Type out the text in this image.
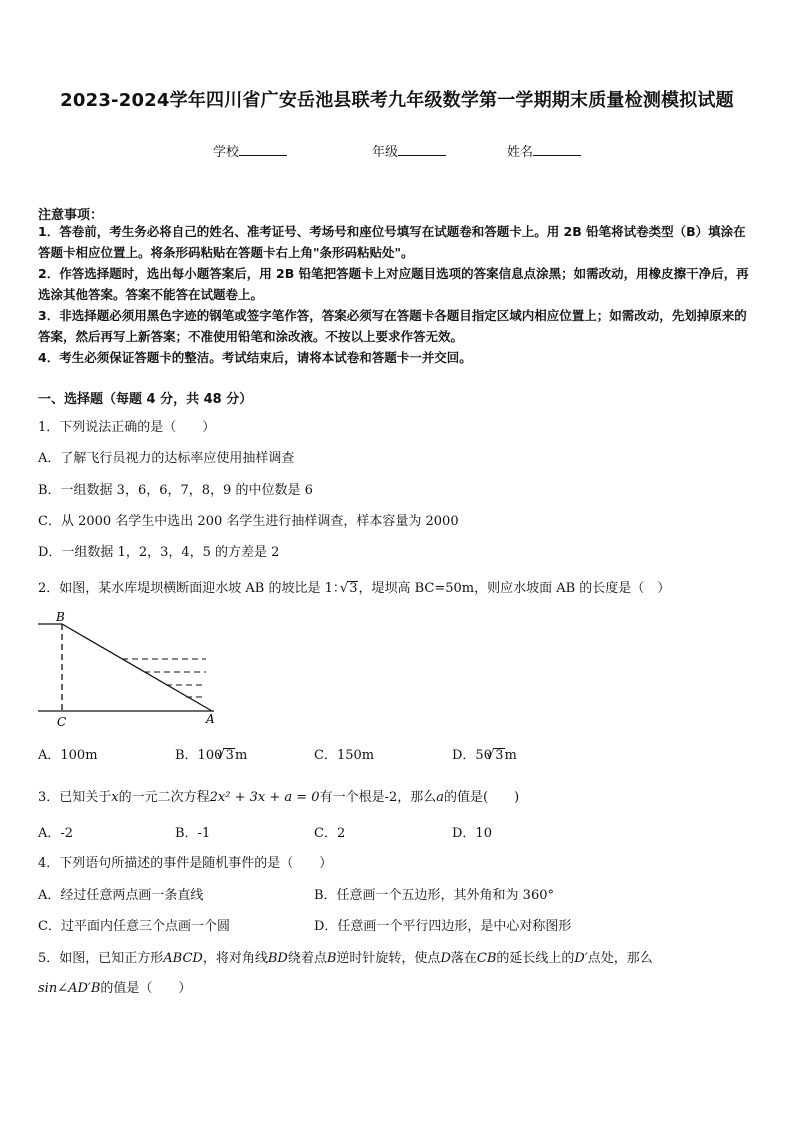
2023-2024学年四川省广安岳池县联考九年级数学第一学期期末质量检测模拟试题
学校	年级	姓名
注意事项：
1．答卷前，考生务必将自己的姓名、准考证号、考场号和座位号填写在试题卷和答题卡上。用 2B 铅笔将试卷类型（B）填涂在答题卡相应位置上。将条形码粘贴在答题卡右上角"条形码粘贴处"。
2．作答选择题时，选出每小题答案后，用 2B 铅笔把答题卡上对应题目选项的答案信息点涂黑；如需改动，用橡皮擦干净后，再选涂其他答案。答案不能答在试题卷上。
3．非选择题必须用黑色字迹的钢笔或签字笔作答，答案必须写在答题卡各题目指定区域内相应位置上；如需改动，先划掉原来的答案，然后再写上新答案；不准使用铅笔和涂改液。不按以上要求作答无效。
4．考生必须保证答题卡的整洁。考试结束后，请将本试卷和答题卡一并交回。
一、选择题（每题 4 分，共 48 分）
1．下列说法正确的是（　　）
A．了解飞行员视力的达标率应使用抽样调查
B．一组数据 3，6，6，7，8，9 的中位数是 6
C．从 2000 名学生中选出 200 名学生进行抽样调查，样本容量为 2000
D．一组数据 1，2，3，4，5 的方差是 2
2．如图，某水库堤坝横断面迎水坡 AB 的坡比是 1： √ 3，堤坝高 BC=50m，则应水坡面 AB 的长度是（　）
B
C	A
A．100m	B．100 √ 3m	C．150m	D．50 √ 3m
3．已知关于x的一元二次方程2x² + 3x + a = 0有一个根是-2，那么a的值是(　　)
A．-2	B．-1	C．2	D．10
4．下列语句所描述的事件是随机事件的是（　　）
A．经过任意两点画一条直线	B．任意画一个五边形，其外角和为 360°
C．过平面内任意三个点画一个圆	D．任意画一个平行四边形，是中心对称图形
5．如图，已知正方形ABCD，将对角线BD绕着点B逆时针旋转，使点D落在CB的延长线上的D′点处，那么
sin∠AD′B的值是（　　）
